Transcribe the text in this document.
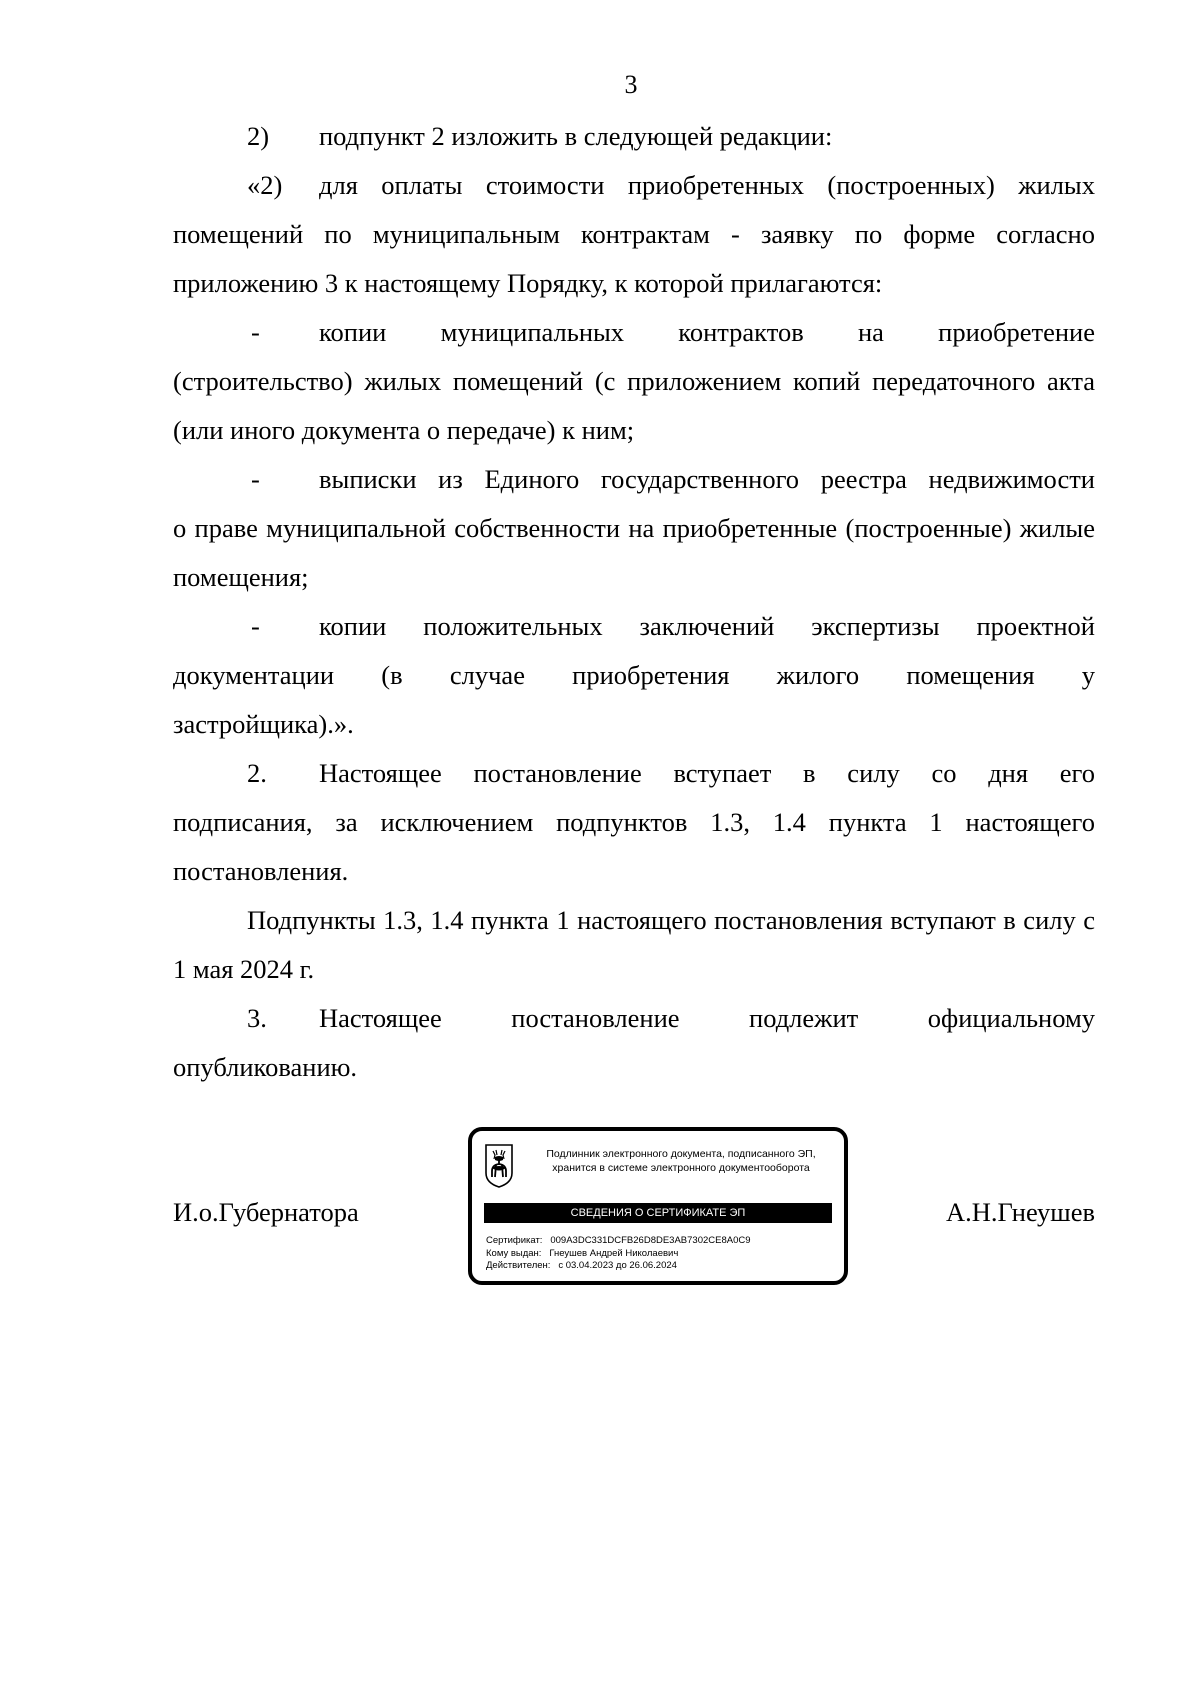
3
2)	подпункт 2 изложить в следующей редакции:
«2)	для оплаты стоимости приобретенных (построенных) жилых

помещений по муниципальным контрактам - заявку по форме согласно приложению 3 к настоящему Порядку, к которой прилагаются:

-	копии муниципальных контрактов на приобретение

(строительство) жилых помещений (с приложением копий передаточного акта (или иного документа о передаче) к ним;

-	выписки из Единого государственного реестра недвижимости

о праве муниципальной собственности на приобретенные (построенные) жилые помещения;

-	копии положительных заключений экспертизы проектной

документации (в случае приобретения жилого помещения у

застройщика).».

2.	Настоящее постановление вступает в силу со дня его

подписания, за исключением подпунктов 1.3, 1.4 пункта 1 настоящего постановления.

Подпункты 1.3, 1.4 пункта 1 настоящего постановления вступают в силу с 1 мая 2024 г.

3.	Настоящее постановление подлежит официальному

опубликованию.

И.о.Губернатора	А.Н.Гнеушев
Подлинник электронного документа, подписанного ЭП,
хранится в системе электронного документооборота
СВЕДЕНИЯ О СЕРТИФИКАТЕ ЭП
Сертификат: 009A3DC331DCFB26D8DE3AB7302CE8A0C9
Кому выдан: Гнеушев Андрей Николаевич
Действителен: с 03.04.2023 до 26.06.2024
